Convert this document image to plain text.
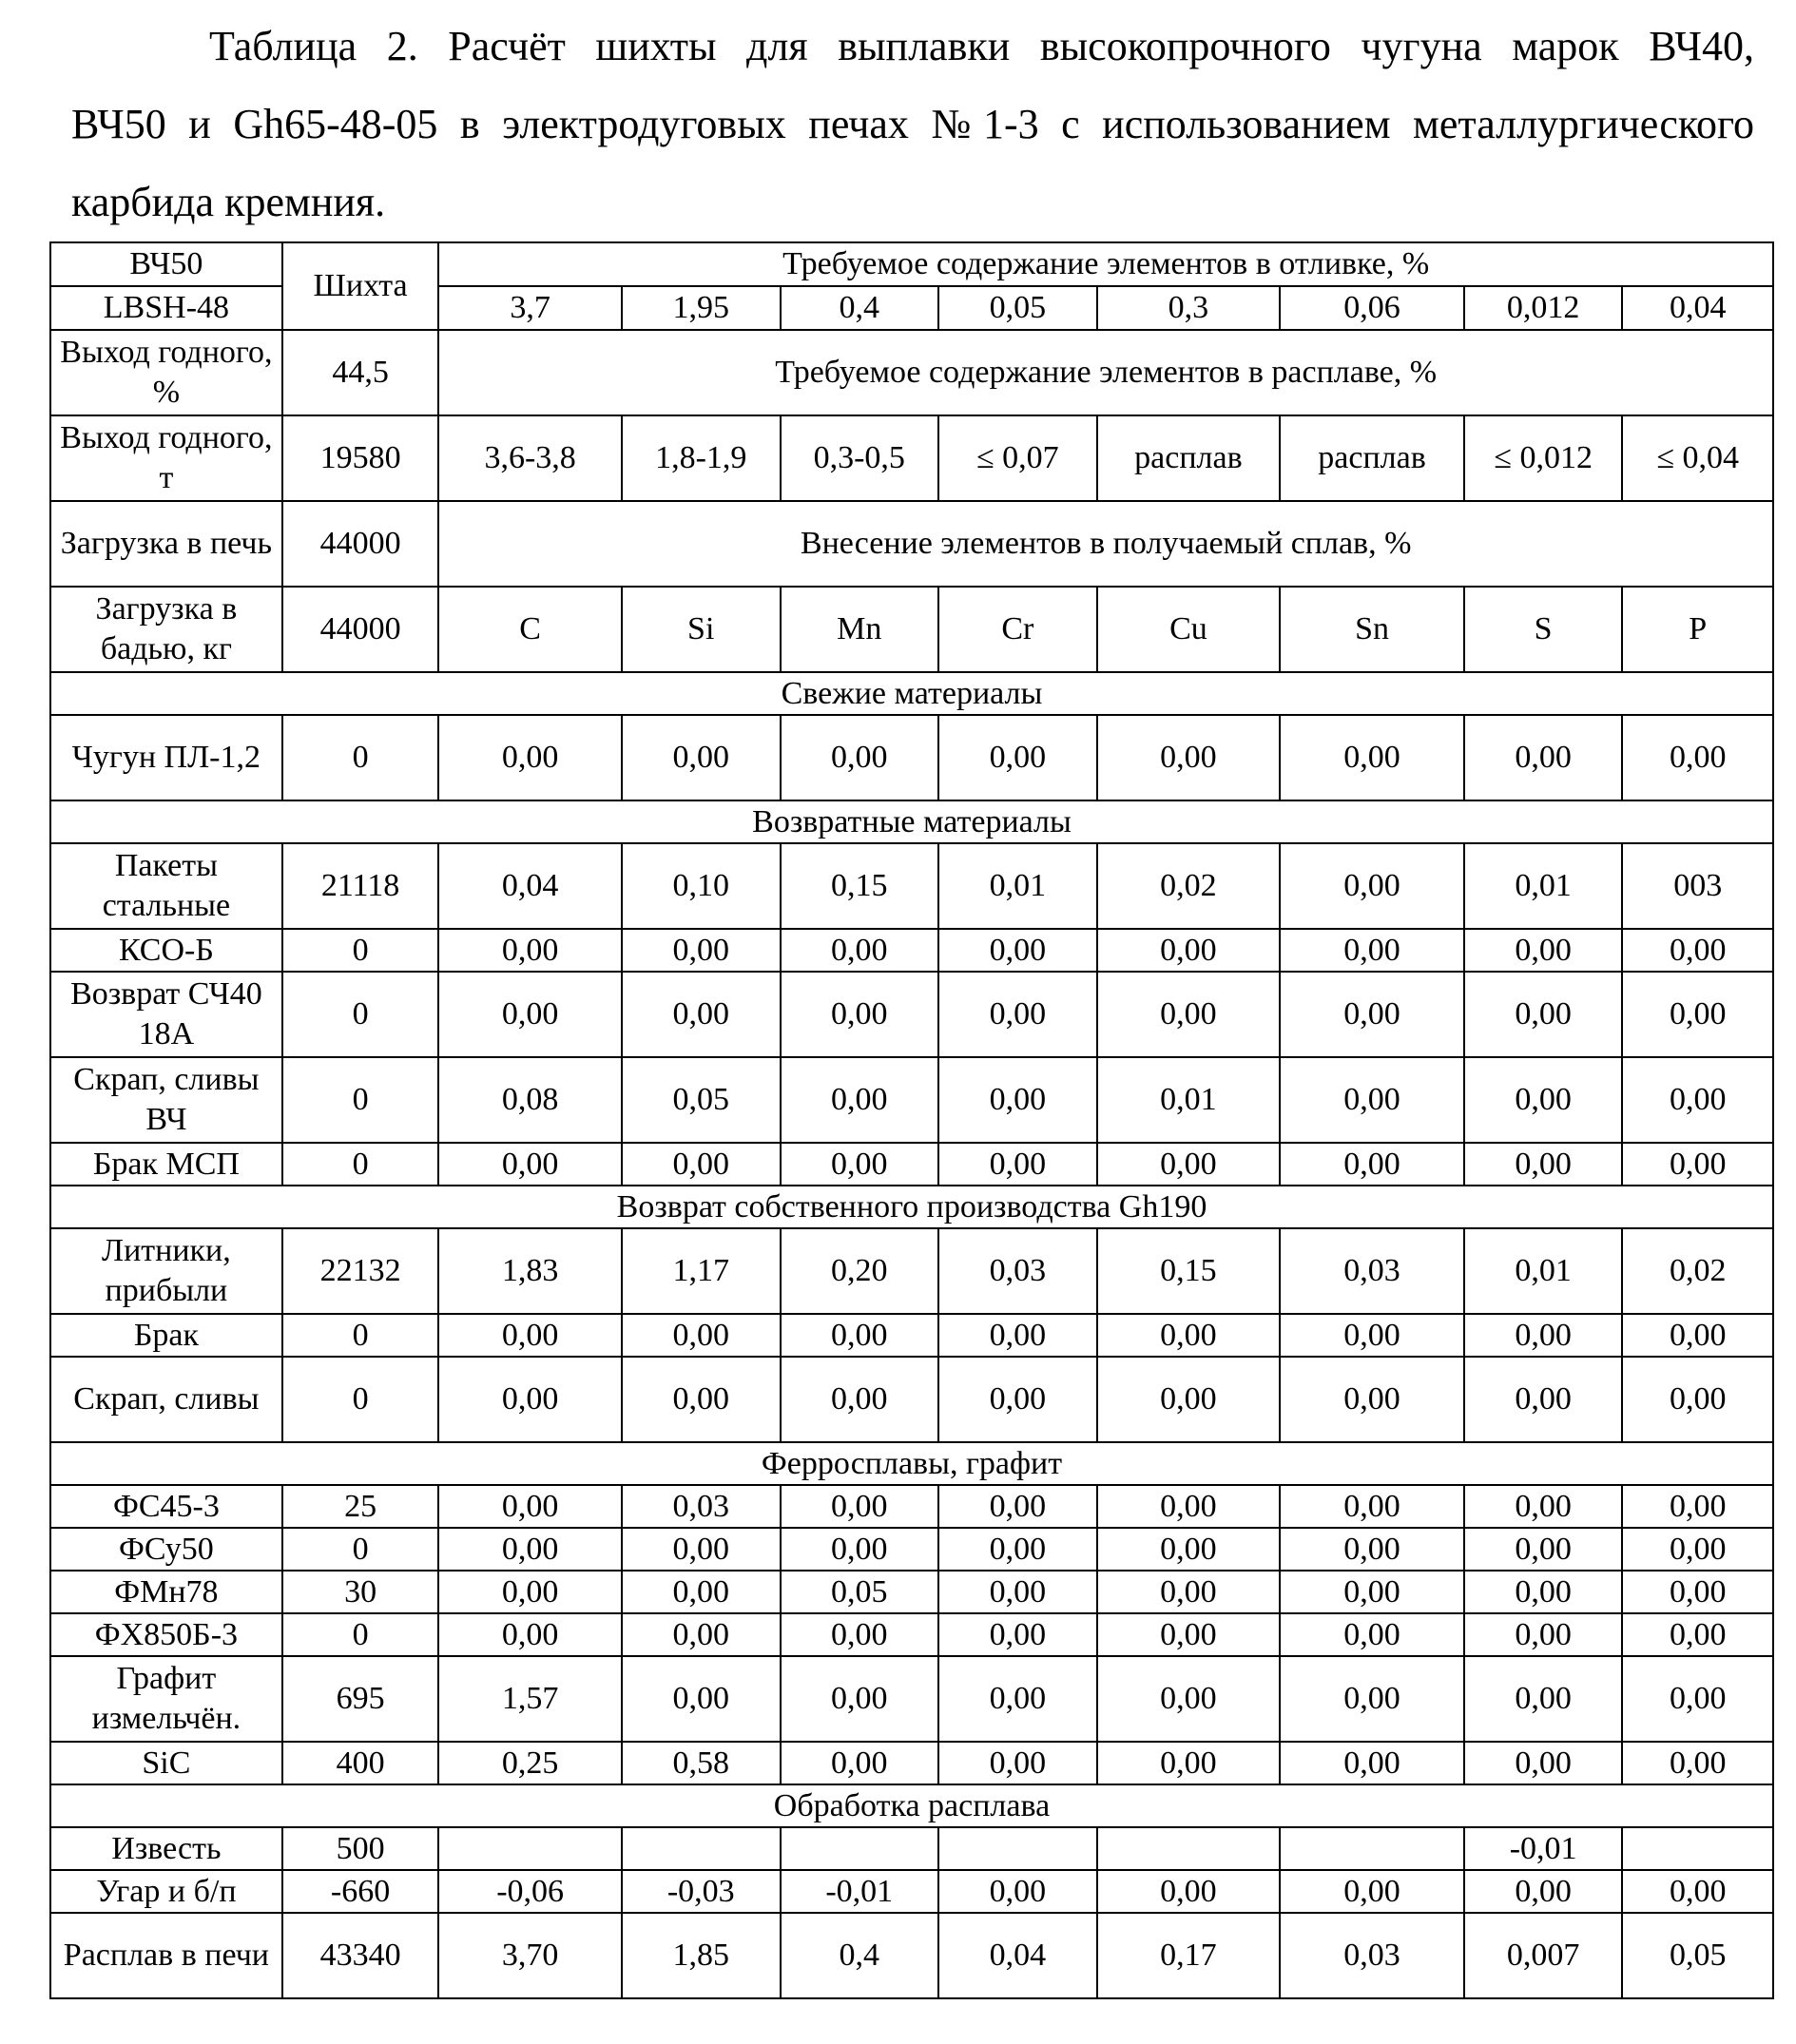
Таблица 2. Расчёт шихты для выплавки высокопрочного чугуна марок ВЧ40,
ВЧ50 и Gh65-48-05 в электродуговых печах №1-3 с использованием металлургического
карбида кремния.
ВЧ50	Шихта	Требуемое содержание элементов в отливке, %							
LBSH-48		3,7	1,95	0,4	0,05	0,3	0,06	0,012	0,04
Выход годного, %	44,5	Требуемое содержание элементов в расплаве, %							
Выход годного, т	19580	3,6-3,8	1,8-1,9	0,3-0,5	≤ 0,07	расплав	расплав	≤ 0,012	≤ 0,04
Загрузка в печь	44000	Внесение элементов в получаемый сплав, %							
Загрузка в бадью, кг	44000	C	Si	Mn	Cr	Cu	Sn	S	P
Свежие материалы									
Чугун ПЛ-1,2	0	0,00	0,00	0,00	0,00	0,00	0,00	0,00	0,00
Возвратные материалы									
Пакеты стальные	21118	0,04	0,10	0,15	0,01	0,02	0,00	0,01	003
КСО-Б	0	0,00	0,00	0,00	0,00	0,00	0,00	0,00	0,00
Возврат СЧ40 18А	0	0,00	0,00	0,00	0,00	0,00	0,00	0,00	0,00
Скрап, сливы ВЧ	0	0,08	0,05	0,00	0,00	0,01	0,00	0,00	0,00
Брак МСП	0	0,00	0,00	0,00	0,00	0,00	0,00	0,00	0,00
Возврат собственного производства Gh190									
Литники, прибыли	22132	1,83	1,17	0,20	0,03	0,15	0,03	0,01	0,02
Брак	0	0,00	0,00	0,00	0,00	0,00	0,00	0,00	0,00
Скрап, сливы	0	0,00	0,00	0,00	0,00	0,00	0,00	0,00	0,00
Ферросплавы, графит									
ФС45-3	25	0,00	0,03	0,00	0,00	0,00	0,00	0,00	0,00
ФСу50	0	0,00	0,00	0,00	0,00	0,00	0,00	0,00	0,00
ФМн78	30	0,00	0,00	0,05	0,00	0,00	0,00	0,00	0,00
ФХ850Б-3	0	0,00	0,00	0,00	0,00	0,00	0,00	0,00	0,00
Графит измельчён.	695	1,57	0,00	0,00	0,00	0,00	0,00	0,00	0,00
SiC	400	0,25	0,58	0,00	0,00	0,00	0,00	0,00	0,00
Обработка расплава									
Известь	500							-0,01	
Угар и б/п	-660	-0,06	-0,03	-0,01	0,00	0,00	0,00	0,00	0,00
Расплав в печи	43340	3,70	1,85	0,4	0,04	0,17	0,03	0,007	0,05
